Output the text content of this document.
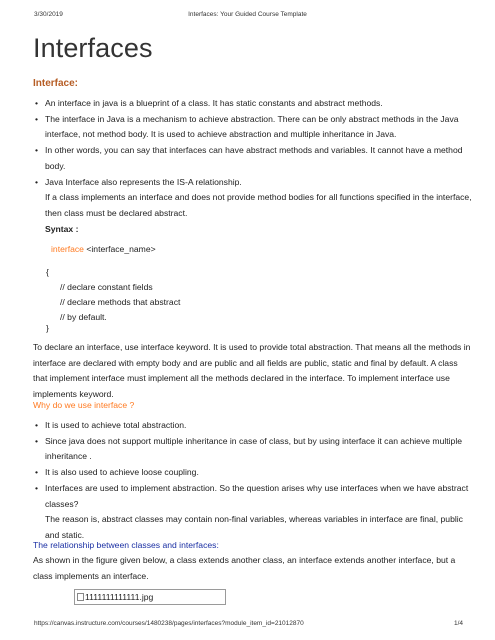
3/30/2019	Interfaces: Your Guided Course Template
Interfaces
Interface:
• An interface in java is a blueprint of a class. It has static constants and abstract methods.
• The interface in Java is a mechanism to achieve abstraction. There can be only abstract methods in the Java interface, not method body. It is used to achieve abstraction and multiple inheritance in Java.
• In other words, you can say that interfaces can have abstract methods and variables. It cannot have a method body.
• Java Interface also represents the IS-A relationship.
If a class implements an interface and does not provide method bodies for all functions specified in the interface, then class must be declared abstract.
Syntax :
interface <interface_name>
{
// declare constant fields
// declare methods that abstract
// by default.
}

To declare an interface, use interface keyword. It is used to provide total abstraction. That means all the methods in interface are declared with empty body and are public and all fields are public, static and final by default. A class that implement interface must implement all the methods declared in the interface. To implement interface use implements keyword.

Why do we use interface ?
• It is used to achieve total abstraction.
• Since java does not support multiple inheritance in case of class, but by using interface it can achieve multiple inheritance .
• It is also used to achieve loose coupling.
• Interfaces are used to implement abstraction. So the question arises why use interfaces when we have abstract classes?
The reason is, abstract classes may contain non-final variables, whereas variables in interface are final, public and static.
The relationship between classes and interfaces:

As shown in the figure given below, a class extends another class, an interface extends another interface, but a class implements an interface.

1111111111111.jpg
https://canvas.instructure.com/courses/1480238/pages/interfaces?module_item_id=21012870	1/4
